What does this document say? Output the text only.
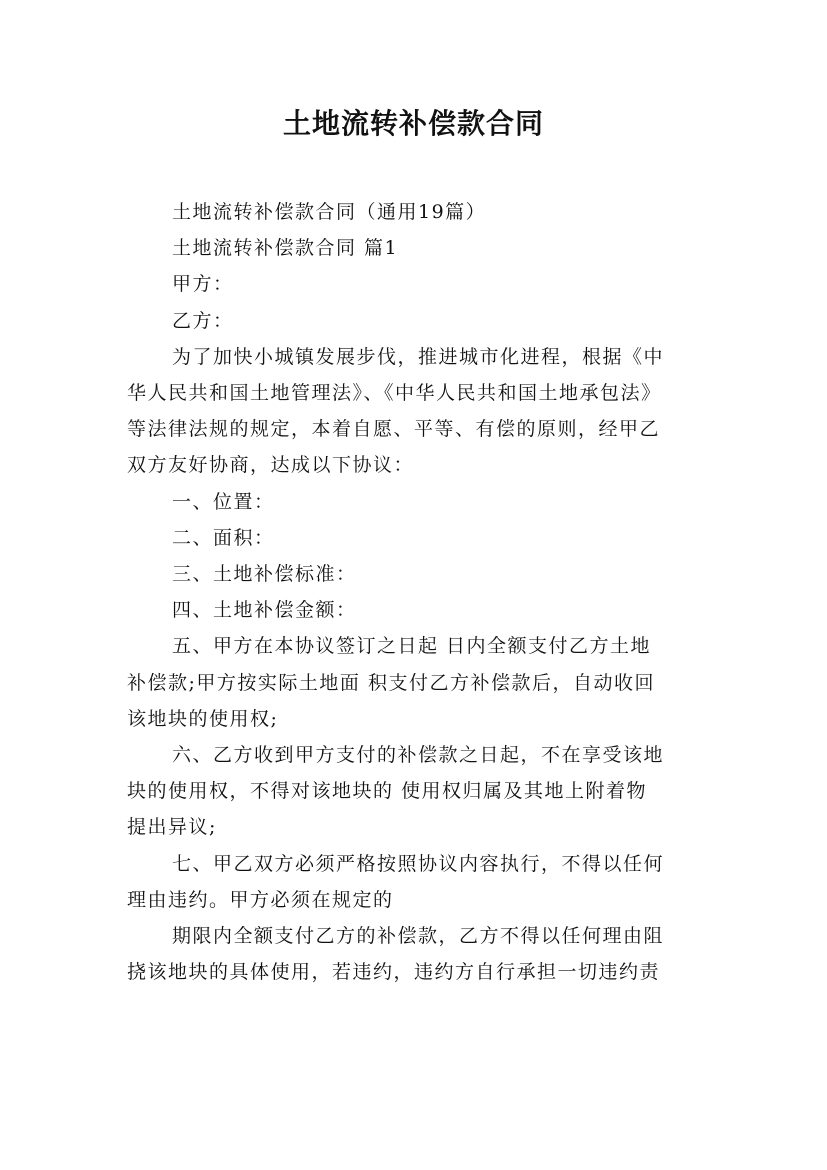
土地流转补偿款合同

土地流转补偿款合同（通用19篇）

土地流转补偿款合同 篇1

甲方：

乙方：

为了加快小城镇发展步伐，推进城市化进程，根据《中
华人民共和国土地管理法》、《中华人民共和国土地承包法》
等法律法规的规定，本着自愿、平等、有偿的原则，经甲乙
双方友好协商，达成以下协议：

一、位置：

二、面积：

三、土地补偿标准：

四、土地补偿金额：

五、甲方在本协议签订之日起 日内全额支付乙方土地
补偿款;甲方按实际土地面 积支付乙方补偿款后，自动收回
该地块的使用权;
六、乙方收到甲方支付的补偿款之日起，不在享受该地
块的使用权，不得对该地块的 使用权归属及其地上附着物
提出异议;
七、甲乙双方必须严格按照协议内容执行，不得以任何
理由违约。甲方必须在规定的
期限内全额支付乙方的补偿款，乙方不得以任何理由阻
挠该地块的具体使用，若违约，违约方自行承担一切违约责
